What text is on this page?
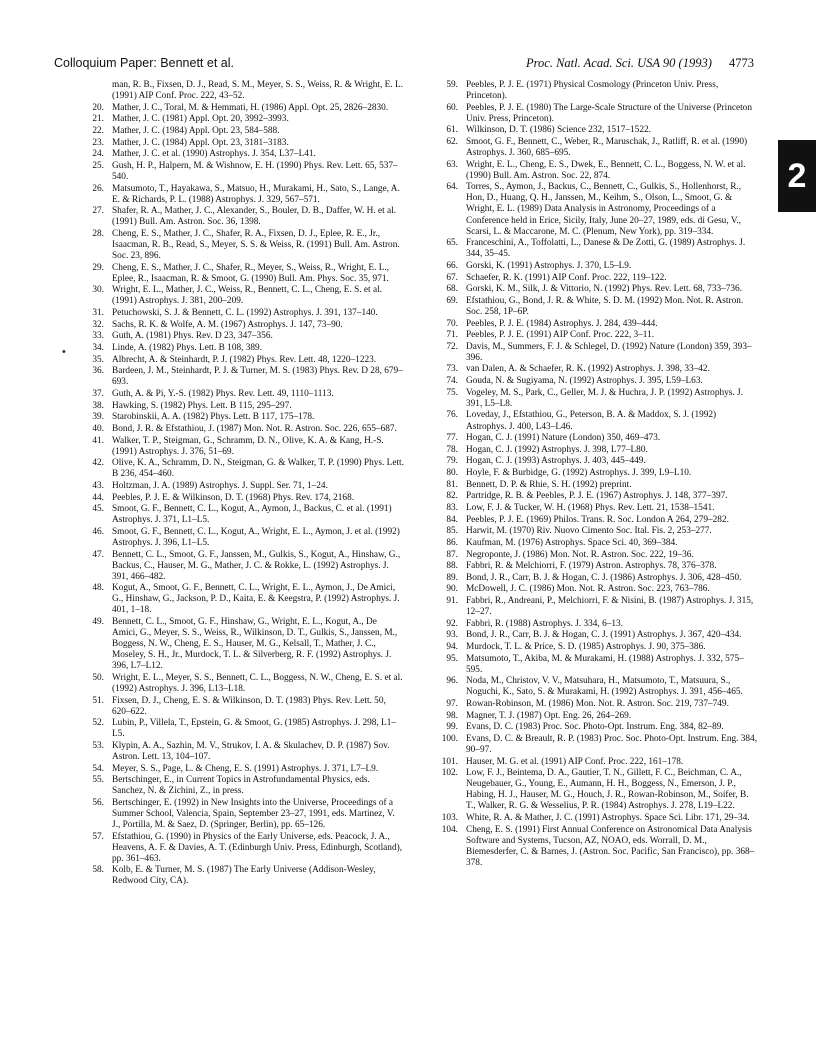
Colloquium Paper: Bennett et al.	Proc. Natl. Acad. Sci. USA 90 (1993) 4773
2
•
man, R. B., Fixsen, D. J., Read, S. M., Meyer, S. S., Weiss, R. & Wright, E. L. (1991) AIP Conf. Proc. 222, 43–52.
20. Mather, J. C., Toral, M. & Hemmati, H. (1986) Appl. Opt. 25, 2826–2830.
21. Mather, J. C. (1981) Appl. Opt. 20, 3992–3993.
22. Mather, J. C. (1984) Appl. Opt. 23, 584–588.
23. Mather, J. C. (1984) Appl. Opt. 23, 3181–3183.
24. Mather, J. C. et al. (1990) Astrophys. J. 354, L37–L41.
25. Gush, H. P., Halpern, M. & Wishnow, E. H. (1990) Phys. Rev. Lett. 65, 537–540.
26. Matsumoto, T., Hayakawa, S., Matsuo, H., Murakami, H., Sato, S., Lange, A. E. & Richards, P. L. (1988) Astrophys. J. 329, 567–571.
27. Shafer, R. A., Mather, J. C., Alexander, S., Bouler, D. B., Daffer, W. H. et al. (1991) Bull. Am. Astron. Soc. 36, 1398.
28. Cheng, E. S., Mather, J. C., Shafer, R. A., Fixsen, D. J., Eplee, R. E., Jr., Isaacman, R. B., Read, S., Meyer, S. S. & Weiss, R. (1991) Bull. Am. Astron. Soc. 23, 896.
29. Cheng, E. S., Mather, J. C., Shafer, R., Meyer, S., Weiss, R., Wright, E. L., Eplee, R., Isaacman, R. & Smoot, G. (1990) Bull. Am. Phys. Soc. 35, 971.
30. Wright, E. L., Mather, J. C., Weiss, R., Bennett, C. L., Cheng, E. S. et al. (1991) Astrophys. J. 381, 200–209.
31. Petuchowski, S. J. & Bennett, C. L. (1992) Astrophys. J. 391, 137–140.
32. Sachs, R. K. & Wolfe, A. M. (1967) Astrophys. J. 147, 73–90.
33. Guth, A. (1981) Phys. Rev. D 23, 347–356.
34. Linde, A. (1982) Phys. Lett. B 108, 389.
35. Albrecht, A. & Steinhardt, P. J. (1982) Phys. Rev. Lett. 48, 1220–1223.
36. Bardeen, J. M., Steinhardt, P. J. & Turner, M. S. (1983) Phys. Rev. D 28, 679–693.
37. Guth, A. & Pi, Y.-S. (1982) Phys. Rev. Lett. 49, 1110–1113.
38. Hawking, S. (1982) Phys. Lett. B 115, 295–297.
39. Starobinskii, A. A. (1982) Phys. Lett. B 117, 175–178.
40. Bond, J. R. & Efstathiou, J. (1987) Mon. Not. R. Astron. Soc. 226, 655–687.
41. Walker, T. P., Steigman, G., Schramm, D. N., Olive, K. A. & Kang, H.-S. (1991) Astrophys. J. 376, 51–69.
42. Olive, K. A., Schramm, D. N., Steigman, G. & Walker, T. P. (1990) Phys. Lett. B 236, 454–460.
43. Holtzman, J. A. (1989) Astrophys. J. Suppl. Ser. 71, 1–24.
44. Peebles, P. J. E. & Wilkinson, D. T. (1968) Phys. Rev. 174, 2168.
45. Smoot, G. F., Bennett, C. L., Kogut, A., Aymon, J., Backus, C. et al. (1991) Astrophys. J. 371, L1–L5.
46. Smoot, G. F., Bennett, C. L., Kogut, A., Wright, E. L., Aymon, J. et al. (1992) Astrophys. J. 396, L1–L5.
47. Bennett, C. L., Smoot, G. F., Janssen, M., Gulkis, S., Kogut, A., Hinshaw, G., Backus, C., Hauser, M. G., Mather, J. C. & Rokke, L. (1992) Astrophys. J. 391, 466–482.
48. Kogut, A., Smoot, G. F., Bennett, C. L., Wright, E. L., Aymon, J., De Amici, G., Hinshaw, G., Jackson, P. D., Kaita, E. & Keegstra, P. (1992) Astrophys. J. 401, 1–18.
49. Bennett, C. L., Smoot, G. F., Hinshaw, G., Wright, E. L., Kogut, A., De Amici, G., Meyer, S. S., Weiss, R., Wilkinson, D. T., Gulkis, S., Janssen, M., Boggess, N. W., Cheng, E. S., Hauser, M. G., Kelsall, T., Mather, J. C., Moseley, S. H., Jr., Murdock, T. L. & Silverberg, R. F. (1992) Astrophys. J. 396, L7–L12.
50. Wright, E. L., Meyer, S. S., Bennett, C. L., Boggess, N. W., Cheng, E. S. et al. (1992) Astrophys. J. 396, L13–L18.
51. Fixsen, D. J., Cheng, E. S. & Wilkinson, D. T. (1983) Phys. Rev. Lett. 50, 620–622.
52. Lubin, P., Villela, T., Epstein, G. & Smoot, G. (1985) Astrophys. J. 298, L1–L5.
53. Klypin, A. A., Sazhin, M. V., Strukov, I. A. & Skulachev, D. P. (1987) Sov. Astron. Lett. 13, 104–107.
54. Meyer, S. S., Page, L. & Cheng, E. S. (1991) Astrophys. J. 371, L7–L9.
55. Bertschinger, E., in Current Topics in Astrofundamental Physics, eds. Sanchez, N. & Zichini, Z., in press.
56. Bertschinger, E. (1992) in New Insights into the Universe, Proceedings of a Summer School, Valencia, Spain, September 23–27, 1991, eds. Martinez, V. J., Portilla, M. & Saez, D. (Springer, Berlin), pp. 65–126.
57. Efstathiou, G. (1990) in Physics of the Early Universe, eds. Peacock, J. A., Heavens, A. F. & Davies, A. T. (Edinburgh Univ. Press, Edinburgh, Scotland), pp. 361–463.
58. Kolb, E. & Turner, M. S. (1987) The Early Universe (Addison-Wesley, Redwood City, CA).
59. Peebles, P. J. E. (1971) Physical Cosmology (Princeton Univ. Press, Princeton).
60. Peebles, P. J. E. (1980) The Large-Scale Structure of the Universe (Princeton Univ. Press, Princeton).
61. Wilkinson, D. T. (1986) Science 232, 1517–1522.
62. Smoot, G. F., Bennett, C., Weber, R., Maruschak, J., Ratliff, R. et al. (1990) Astrophys. J. 360, 685–695.
63. Wright, E. L., Cheng, E. S., Dwek, E., Bennett, C. L., Boggess, N. W. et al. (1990) Bull. Am. Astron. Soc. 22, 874.
64. Torres, S., Aymon, J., Backus, C., Bennett, C., Gulkis, S., Hollenhorst, R., Hon, D., Huang, Q. H., Janssen, M., Keihm, S., Olson, L., Smoot, G. & Wright, E. L. (1989) Data Analysis in Astronomy, Proceedings of a Conference held in Erice, Sicily, Italy, June 20–27, 1989, eds. di Gesu, V., Scarsi, L. & Maccarone, M. C. (Plenum, New York), pp. 319–334.
65. Franceschini, A., Toffolatti, L., Danese & De Zotti, G. (1989) Astrophys. J. 344, 35–45.
66. Gorski, K. (1991) Astrophys. J. 370, L5–L9.
67. Schaefer, R. K. (1991) AIP Conf. Proc. 222, 119–122.
68. Gorski, K. M., Silk, J. & Vittorio, N. (1992) Phys. Rev. Lett. 68, 733–736.
69. Efstathiou, G., Bond, J. R. & White, S. D. M. (1992) Mon. Not. R. Astron. Soc. 258, 1P–6P.
70. Peebles, P. J. E. (1984) Astrophys. J. 284, 439–444.
71. Peebles, P. J. E. (1991) AIP Conf. Proc. 222, 3–11.
72. Davis, M., Summers, F. J. & Schlegel, D. (1992) Nature (London) 359, 393–396.
73. van Dalen, A. & Schaefer, R. K. (1992) Astrophys. J. 398, 33–42.
74. Gouda, N. & Sugiyama, N. (1992) Astrophys. J. 395, L59–L63.
75. Vogeley, M. S., Park, C., Geller, M. J. & Huchra, J. P. (1992) Astrophys. J. 391, L5–L8.
76. Loveday, J., Efstathiou, G., Peterson, B. A. & Maddox, S. J. (1992) Astrophys. J. 400, L43–L46.
77. Hogan, C. J. (1991) Nature (London) 350, 469–473.
78. Hogan, C. J. (1992) Astrophys. J. 398, L77–L80.
79. Hogan, C. J. (1993) Astrophys. J. 403, 445–449.
80. Hoyle, F. & Burbidge, G. (1992) Astrophys. J. 399, L9–L10.
81. Bennett, D. P. & Rhie, S. H. (1992) preprint.
82. Partridge, R. B. & Peebles, P. J. E. (1967) Astrophys. J. 148, 377–397.
83. Low, F. J. & Tucker, W. H. (1968) Phys. Rev. Lett. 21, 1538–1541.
84. Peebles, P. J. E. (1969) Philos. Trans. R. Soc. London A 264, 279–282.
85. Harwit, M. (1970) Riv. Nuovo Cimento Soc. Ital. Fis. 2, 253–277.
86. Kaufman, M. (1976) Astrophys. Space Sci. 40, 369–384.
87. Negroponte, J. (1986) Mon. Not. R. Astron. Soc. 222, 19–36.
88. Fabbri, R. & Melchiorri, F. (1979) Astron. Astrophys. 78, 376–378.
89. Bond, J. R., Carr, B. J. & Hogan, C. J. (1986) Astrophys. J. 306, 428–450.
90. McDowell, J. C. (1986) Mon. Not. R. Astron. Soc. 223, 763–786.
91. Fabbri, R., Andreani, P., Melchiorri, F. & Nisini, B. (1987) Astrophys. J. 315, 12–27.
92. Fabbri, R. (1988) Astrophys. J. 334, 6–13.
93. Bond, J. R., Carr, B. J. & Hogan, C. J. (1991) Astrophys. J. 367, 420–434.
94. Murdock, T. L. & Price, S. D. (1985) Astrophys. J. 90, 375–386.
95. Matsumoto, T., Akiba, M. & Murakami, H. (1988) Astrophys. J. 332, 575–595.
96. Noda, M., Christov, V. V., Matsuhara, H., Matsumoto, T., Matsuura, S., Noguchi, K., Sato, S. & Murakami, H. (1992) Astrophys. J. 391, 456–465.
97. Rowan-Robinson, M. (1986) Mon. Not. R. Astron. Soc. 219, 737–749.
98. Magner, T. J. (1987) Opt. Eng. 26, 264–269.
99. Evans, D. C. (1983) Proc. Soc. Photo-Opt. Instrum. Eng. 384, 82–89.
100. Evans, D. C. & Breault, R. P. (1983) Proc. Soc. Photo-Opt. Instrum. Eng. 384, 90–97.
101. Hauser, M. G. et al. (1991) AIP Conf. Proc. 222, 161–178.
102. Low, F. J., Beintema, D. A., Gautier, T. N., Gillett, F. C., Beichman, C. A., Neugebauer, G., Young, E., Aumann, H. H., Boggess, N., Emerson, J. P., Habing, H. J., Hauser, M. G., Houch, J. R., Rowan-Robinson, M., Soifer, B. T., Walker, R. G. & Wesselius, P. R. (1984) Astrophys. J. 278, L19–L22.
103. White, R. A. & Mather, J. C. (1991) Astrophys. Space Sci. Libr. 171, 29–34.
104. Cheng, E. S. (1991) First Annual Conference on Astronomical Data Analysis Software and Systems, Tucson, AZ, NOAO, eds. Worrall, D. M., Biemesderfer, C. & Barnes, J. (Astron. Soc. Pacific, San Francisco), pp. 368–378.
